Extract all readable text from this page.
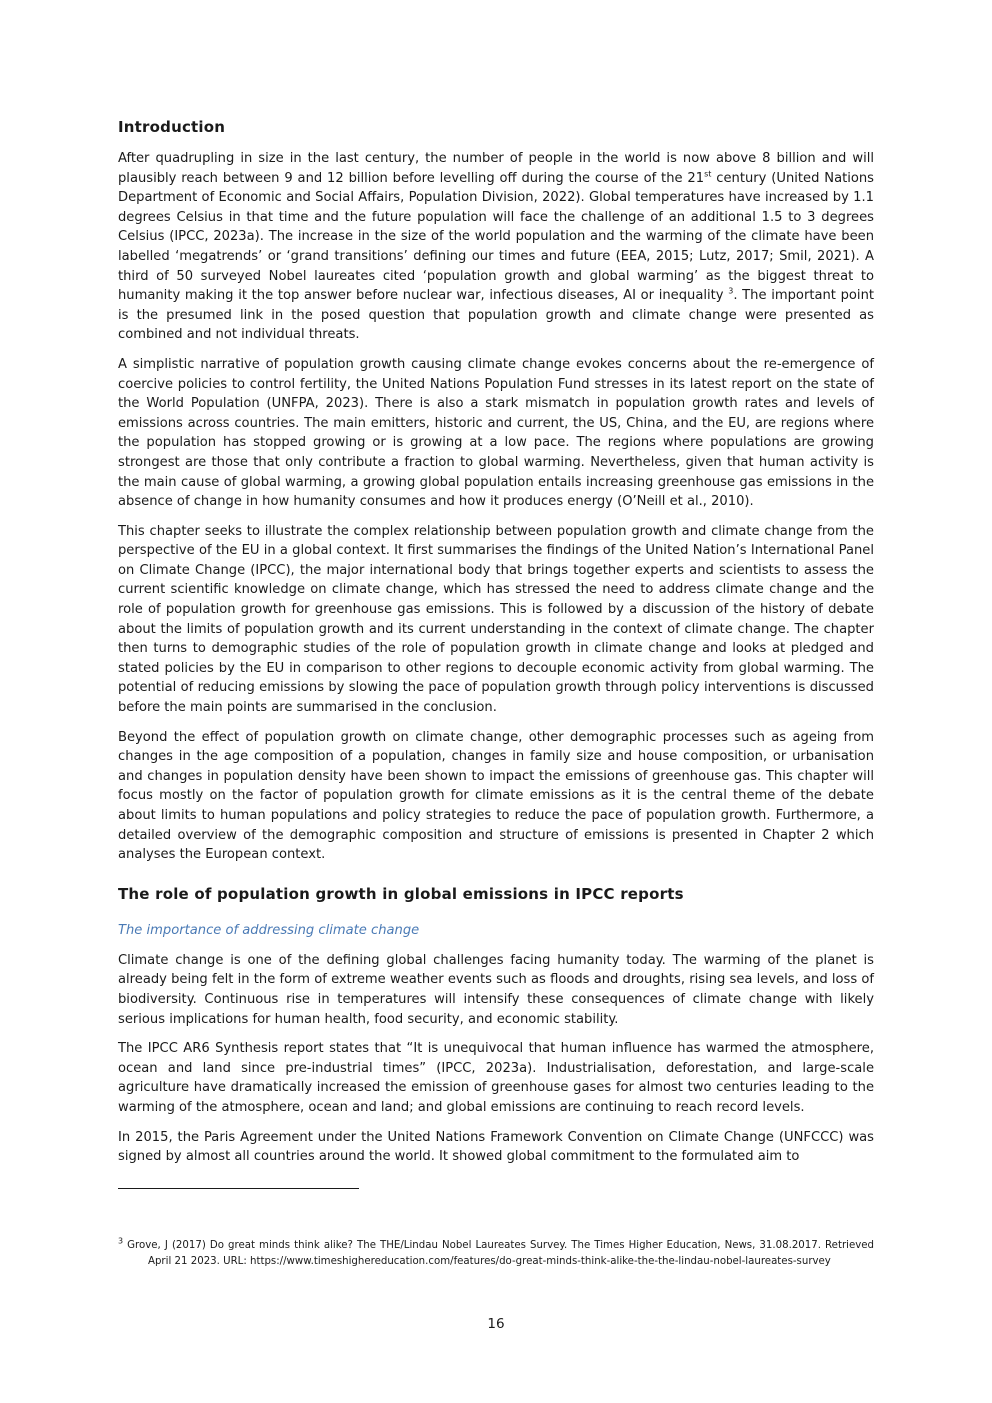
Introduction

After quadrupling in size in the last century, the number of people in the world is now above 8 billion and will plausibly reach between 9 and 12 billion before levelling off during the course of the 21st century (United Nations Department of Economic and Social Affairs, Population Division, 2022). Global temperatures have increased by 1.1 degrees Celsius in that time and the future population will face the challenge of an additional 1.5 to 3 degrees Celsius (IPCC, 2023a). The increase in the size of the world population and the warming of the climate have been labelled ‘megatrends’ or ‘grand transitions’ defining our times and future (EEA, 2015; Lutz, 2017; Smil, 2021). A third of 50 surveyed Nobel laureates cited ‘population growth and global warming’ as the biggest threat to humanity making it the top answer before nuclear war, infectious diseases, AI or inequality $^3$. The important point is the presumed link in the posed question that population growth and climate change were presented as combined and not individual threats.

A simplistic narrative of population growth causing climate change evokes concerns about the re-emergence of coercive policies to control fertility, the United Nations Population Fund stresses in its latest report on the state of the World Population (UNFPA, 2023). There is also a stark mismatch in population growth rates and levels of emissions across countries. The main emitters, historic and current, the US, China, and the EU, are regions where the population has stopped growing or is growing at a low pace. The regions where populations are growing strongest are those that only contribute a fraction to global warming. Nevertheless, given that human activity is the main cause of global warming, a growing global population entails increasing greenhouse gas emissions in the absence of change in how humanity consumes and how it produces energy (O’Neill et al., 2010).

This chapter seeks to illustrate the complex relationship between population growth and climate change from the perspective of the EU in a global context. It first summarises the findings of the United Nation’s International Panel on Climate Change (IPCC), the major international body that brings together experts and scientists to assess the current scientific knowledge on climate change, which has stressed the need to address climate change and the role of population growth for greenhouse gas emissions. This is followed by a discussion of the history of debate about the limits of population growth and its current understanding in the context of climate change. The chapter then turns to demographic studies of the role of population growth in climate change and looks at pledged and stated policies by the EU in comparison to other regions to decouple economic activity from global warming. The potential of reducing emissions by slowing the pace of population growth through policy interventions is discussed before the main points are summarised in the conclusion.

Beyond the effect of population growth on climate change, other demographic processes such as ageing from changes in the age composition of a population, changes in family size and house composition, or urbanisation and changes in population density have been shown to impact the emissions of greenhouse gas. This chapter will focus mostly on the factor of population growth for climate emissions as it is the central theme of the debate about limits to human populations and policy strategies to reduce the pace of population growth. Furthermore, a detailed overview of the demographic composition and structure of emissions is presented in Chapter 2 which analyses the European context.

The role of population growth in global emissions in IPCC reports
The importance of addressing climate change

Climate change is one of the defining global challenges facing humanity today. The warming of the planet is already being felt in the form of extreme weather events such as floods and droughts, rising sea levels, and loss of biodiversity. Continuous rise in temperatures will intensify these consequences of climate change with likely serious implications for human health, food security, and economic stability.

The IPCC AR6 Synthesis report states that “It is unequivocal that human influence has warmed the atmosphere, ocean and land since pre-industrial times” (IPCC, 2023a). Industrialisation, deforestation, and large-scale agriculture have dramatically increased the emission of greenhouse gases for almost two centuries leading to the warming of the atmosphere, ocean and land; and global emissions are continuing to reach record levels.

In 2015, the Paris Agreement under the United Nations Framework Convention on Climate Change (UNFCCC) was signed by almost all countries around the world. It showed global commitment to the formulated aim to

$^3$ Grove, J (2017) Do great minds think alike? The THE/Lindau Nobel Laureates Survey. The Times Higher Education, News, 31.08.2017. Retrieved April 21 2023. URL: https://www.timeshighereducation.com/features/do-great-minds-think-alike-the-the-lindau-nobel-laureates-survey
16
